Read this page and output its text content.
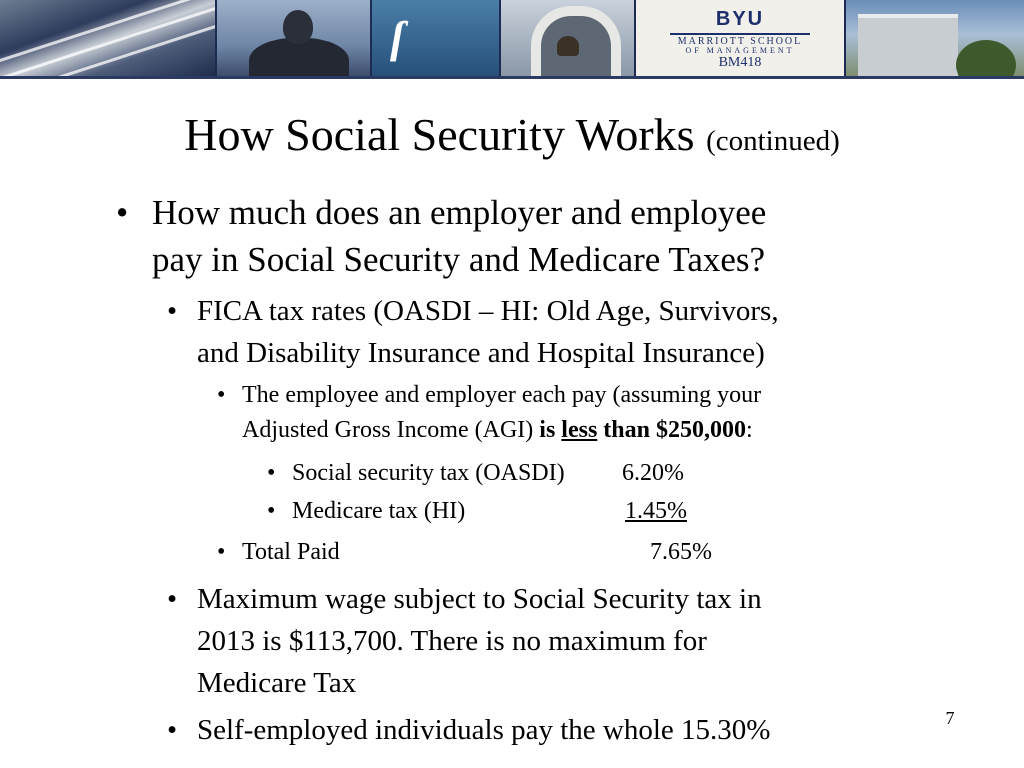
ſ	BYU
MARRIOTT SCHOOL
OF MANAGEMENT
BM418
How Social Security Works (continued)
• How much does an employer and employee
pay in Social Security and Medicare Taxes?
• FICA tax rates (OASDI – HI: Old Age, Survivors,
and Disability Insurance and Hospital Insurance)
• The employee and employer each pay (assuming your
Adjusted Gross Income (AGI) is less than $250,000:
• Social security tax (OASDI) 6.20%
• Medicare tax (HI)	1.45%
• Total Paid	7.65%
• Maximum wage subject to Social Security tax in
2013 is $113,700. There is no maximum for
Medicare Tax
• Self-employed individuals pay the whole 15.30%	7
